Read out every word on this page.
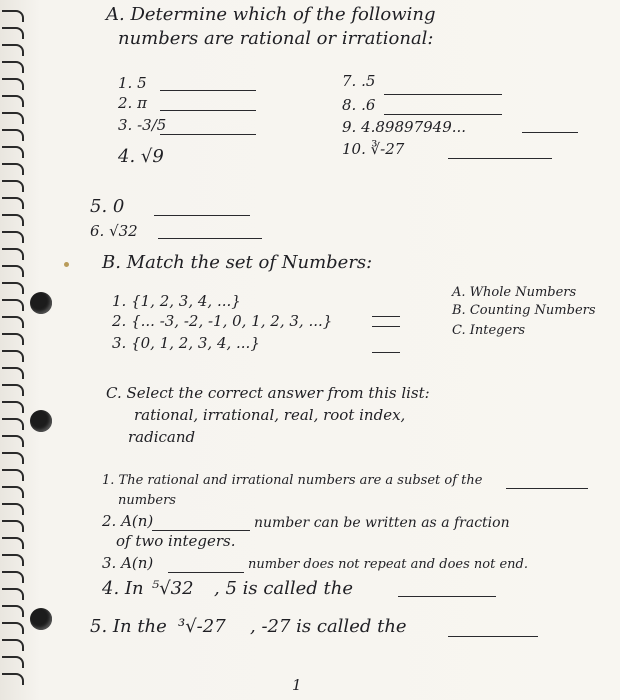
A. Determine which of the following
numbers are rational or irrational:
1. 5
2. π
3. -3/5
4. √9
7. .5
8. .6
9. 4.89897949...
10. ∛-27
5. 0
6. √32
B. Match the set of Numbers:
1. {1, 2, 3, 4, ...}
2. {... -3, -2, -1, 0, 1, 2, 3, ...}
3. {0, 1, 2, 3, 4, ...}
A. Whole Numbers
B. Counting Numbers
C. Integers
C. Select the correct answer from this list:
rational, irrational, real, root index,
radicand
1. The rational and irrational numbers are a subset of the
numbers
2. A(n)	number can be written as a fraction
of two integers.
3. A(n)	number does not repeat and does not end.
4. In ⁵√32 , 5 is called the
5. In the ³√-27 , -27 is called the
1
